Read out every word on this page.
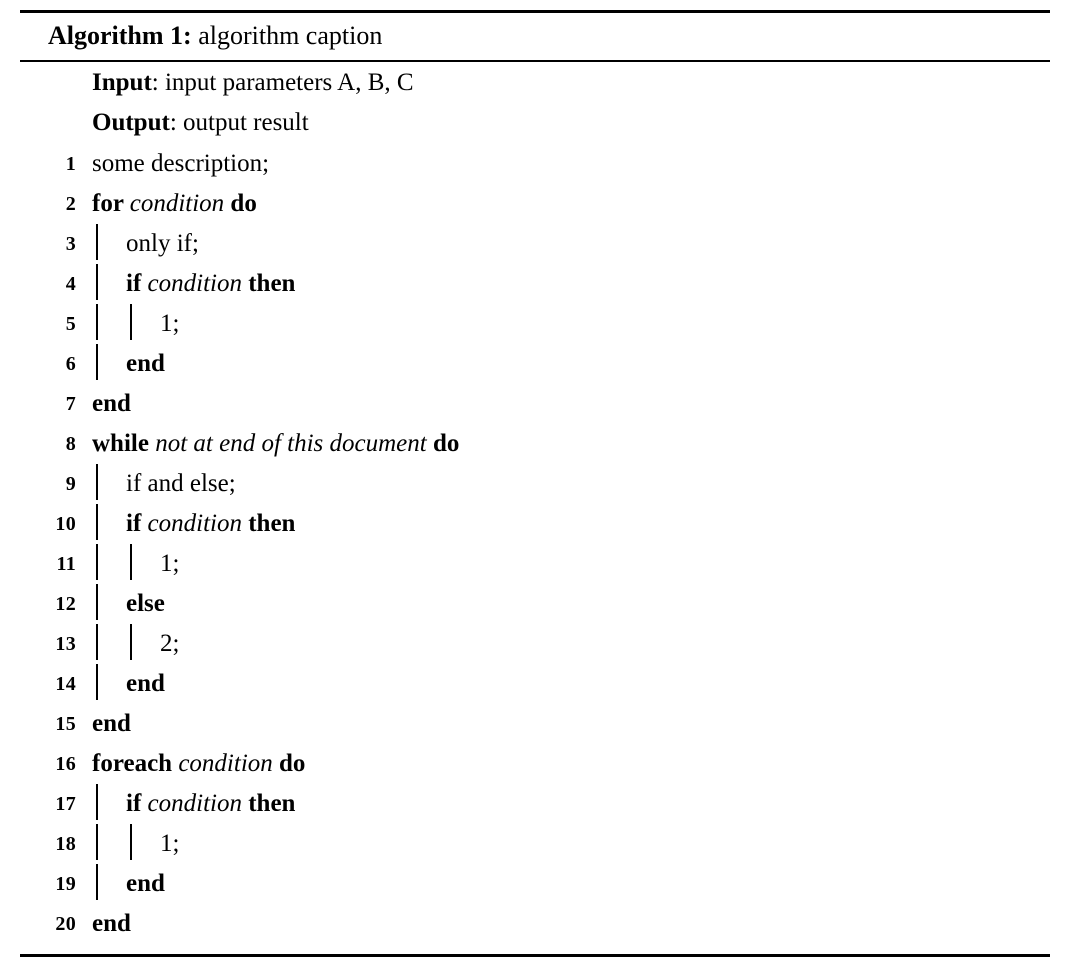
Algorithm 1: algorithm caption
Input: input parameters A, B, C
Output: output result
1 some description;
2 for condition do
3 only if;
4 if condition then
5	1;
6 end
7 end
8 while not at end of this document do
9 if and else;
10 if condition then
11	1;
12 else
13	2;
14 end
15 end
16 foreach condition do
17 if condition then
18	1;
19 end
20 end
